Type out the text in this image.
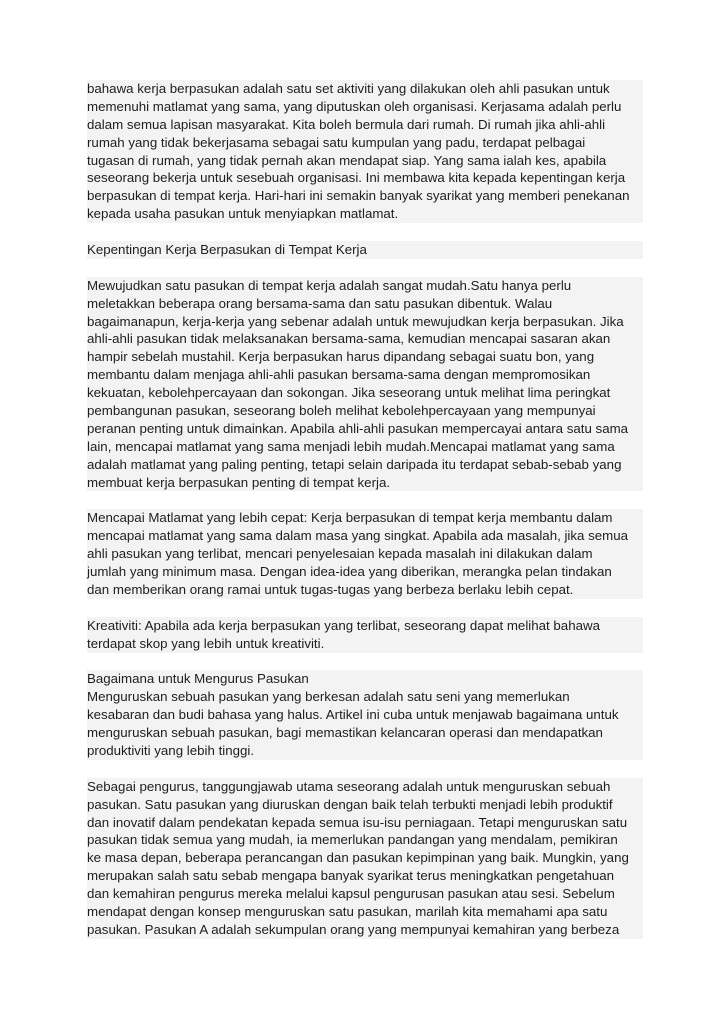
bahawa kerja berpasukan adalah satu set aktiviti yang dilakukan oleh ahli pasukan untuk
memenuhi matlamat yang sama, yang diputuskan oleh organisasi. Kerjasama adalah perlu
dalam semua lapisan masyarakat. Kita boleh bermula dari rumah. Di rumah jika ahli-ahli
rumah yang tidak bekerjasama sebagai satu kumpulan yang padu, terdapat pelbagai
tugasan di rumah, yang tidak pernah akan mendapat siap. Yang sama ialah kes, apabila
seseorang bekerja untuk sesebuah organisasi. Ini membawa kita kepada kepentingan kerja
berpasukan di tempat kerja. Hari-hari ini semakin banyak syarikat yang memberi penekanan
kepada usaha pasukan untuk menyiapkan matlamat.
Kepentingan Kerja Berpasukan di Tempat Kerja
Mewujudkan satu pasukan di tempat kerja adalah sangat mudah.Satu hanya perlu
meletakkan beberapa orang bersama-sama dan satu pasukan dibentuk. Walau
bagaimanapun, kerja-kerja yang sebenar adalah untuk mewujudkan kerja berpasukan. Jika
ahli-ahli pasukan tidak melaksanakan bersama-sama, kemudian mencapai sasaran akan
hampir sebelah mustahil. Kerja berpasukan harus dipandang sebagai suatu bon, yang
membantu dalam menjaga ahli-ahli pasukan bersama-sama dengan mempromosikan
kekuatan, kebolehpercayaan dan sokongan. Jika seseorang untuk melihat lima peringkat
pembangunan pasukan, seseorang boleh melihat kebolehpercayaan yang mempunyai
peranan penting untuk dimainkan. Apabila ahli-ahli pasukan mempercayai antara satu sama
lain, mencapai matlamat yang sama menjadi lebih mudah.Mencapai matlamat yang sama
adalah matlamat yang paling penting, tetapi selain daripada itu terdapat sebab-sebab yang
membuat kerja berpasukan penting di tempat kerja.
Mencapai Matlamat yang lebih cepat: Kerja berpasukan di tempat kerja membantu dalam
mencapai matlamat yang sama dalam masa yang singkat. Apabila ada masalah, jika semua
ahli pasukan yang terlibat, mencari penyelesaian kepada masalah ini dilakukan dalam
jumlah yang minimum masa. Dengan idea-idea yang diberikan, merangka pelan tindakan
dan memberikan orang ramai untuk tugas-tugas yang berbeza berlaku lebih cepat.
Kreativiti: Apabila ada kerja berpasukan yang terlibat, seseorang dapat melihat bahawa
terdapat skop yang lebih untuk kreativiti.
Bagaimana untuk Mengurus Pasukan
Menguruskan sebuah pasukan yang berkesan adalah satu seni yang memerlukan
kesabaran dan budi bahasa yang halus. Artikel ini cuba untuk menjawab bagaimana untuk
menguruskan sebuah pasukan, bagi memastikan kelancaran operasi dan mendapatkan
produktiviti yang lebih tinggi.
Sebagai pengurus, tanggungjawab utama seseorang adalah untuk menguruskan sebuah
pasukan. Satu pasukan yang diuruskan dengan baik telah terbukti menjadi lebih produktif
dan inovatif dalam pendekatan kepada semua isu-isu perniagaan. Tetapi menguruskan satu
pasukan tidak semua yang mudah, ia memerlukan pandangan yang mendalam, pemikiran
ke masa depan, beberapa perancangan dan pasukan kepimpinan yang baik. Mungkin, yang
merupakan salah satu sebab mengapa banyak syarikat terus meningkatkan pengetahuan
dan kemahiran pengurus mereka melalui kapsul pengurusan pasukan atau sesi. Sebelum
mendapat dengan konsep menguruskan satu pasukan, marilah kita memahami apa satu
pasukan. Pasukan A adalah sekumpulan orang yang mempunyai kemahiran yang berbeza
